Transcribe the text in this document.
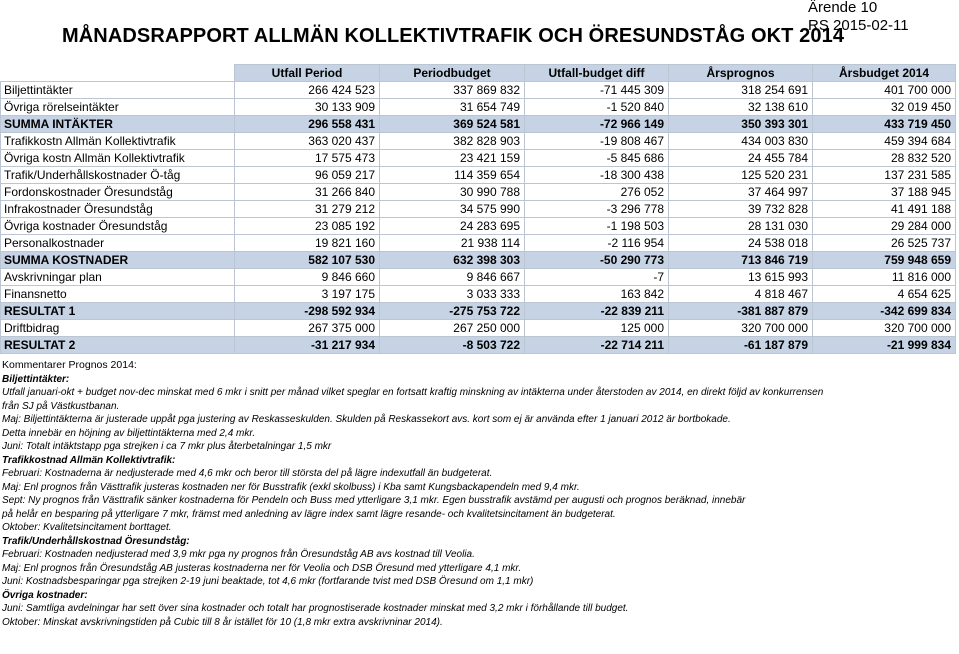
Ärende 10
RS 2015-02-11
MÅNADSRAPPORT ALLMÄN KOLLEKTIVTRAFIK OCH ÖRESUNDSTÅG OKT 2014
	Utfall Period	Periodbudget	Utfall-budget diff	Årsprognos	Årsbudget 2014
Biljettintäkter	266 424 523	337 869 832	-71 445 309	318 254 691	401 700 000
Övriga rörelseintäkter	30 133 909	31 654 749	-1 520 840	32 138 610	32 019 450
SUMMA INTÄKTER	296 558 431	369 524 581	-72 966 149	350 393 301	433 719 450
Trafikkostn Allmän Kollektivtrafik	363 020 437	382 828 903	-19 808 467	434 003 830	459 394 684
Övriga kostn Allmän Kollektivtrafik	17 575 473	23 421 159	-5 845 686	24 455 784	28 832 520
Trafik/Underhållskostnader Ö-tåg	96 059 217	114 359 654	-18 300 438	125 520 231	137 231 585
Fordonskostnader Öresundståg	31 266 840	30 990 788	276 052	37 464 997	37 188 945
Infrakostnader Öresundståg	31 279 212	34 575 990	-3 296 778	39 732 828	41 491 188
Övriga kostnader Öresundståg	23 085 192	24 283 695	-1 198 503	28 131 030	29 284 000
Personalkostnader	19 821 160	21 938 114	-2 116 954	24 538 018	26 525 737
SUMMA KOSTNADER	582 107 530	632 398 303	-50 290 773	713 846 719	759 948 659
Avskrivningar plan	9 846 660	9 846 667	-7	13 615 993	11 816 000
Finansnetto	3 197 175	3 033 333	163 842	4 818 467	4 654 625
RESULTAT 1	-298 592 934	-275 753 722	-22 839 211	-381 887 879	-342 699 834
Driftbidrag	267 375 000	267 250 000	125 000	320 700 000	320 700 000
RESULTAT 2	-31 217 934	-8 503 722	-22 714 211	-61 187 879	-21 999 834

Kommentarer Prognos 2014:

Biljettintäkter:

Utfall januari-okt + budget nov-dec minskat med 6 mkr i snitt per månad vilket speglar en fortsatt kraftig minskning av intäkterna under återstoden av 2014, en direkt följd av konkurrensen

från SJ på Västkustbanan.

Maj: Biljettintäkterna är justerade uppåt pga justering av Reskasseskulden. Skulden på Reskassekort avs. kort som ej är använda efter 1 januari 2012 är bortbokade.

Detta innebär en höjning av biljettintäkterna med 2,4 mkr.

Juni: Totalt intäktstapp pga strejken i ca 7 mkr plus återbetalningar 1,5 mkr

Trafikkostnad Allmän Kollektivtrafik:

Februari: Kostnaderna är nedjusterade med 4,6 mkr och beror till största del på lägre indexutfall än budgeterat.

Maj: Enl prognos från Västtrafik justeras kostnaden ner för Busstrafik (exkl skolbuss) i Kba samt Kungsbackapendeln med 9,4 mkr.

Sept: Ny prognos från Västtrafik sänker kostnaderna för Pendeln och Buss med ytterligare 3,1 mkr. Egen busstrafik avstämd per augusti och prognos beräknad, innebär

på helår en besparing på ytterligare 7 mkr, främst med anledning av lägre index samt lägre resande- och kvalitetsincitament än budgeterat.

Oktober: Kvalitetsincitament borttaget.

Trafik/Underhållskostnad Öresundståg:

Februari: Kostnaden nedjusterad med 3,9 mkr pga ny prognos från Öresundståg AB avs kostnad till Veolia.

Maj: Enl prognos från Öresundståg AB justeras kostnaderna ner för Veolia och DSB Öresund med ytterligare 4,1 mkr.

Juni: Kostnadsbesparingar pga strejken 2-19 juni beaktade, tot 4,6 mkr (fortfarande tvist med DSB Öresund om 1,1 mkr)

Övriga kostnader:

Juni: Samtliga avdelningar har sett över sina kostnader och totalt har prognostiserade kostnader minskat med 3,2 mkr i förhållande till budget.

Oktober: Minskat avskrivningstiden på Cubic till 8 år istället för 10 (1,8 mkr extra avskrivninar 2014).
